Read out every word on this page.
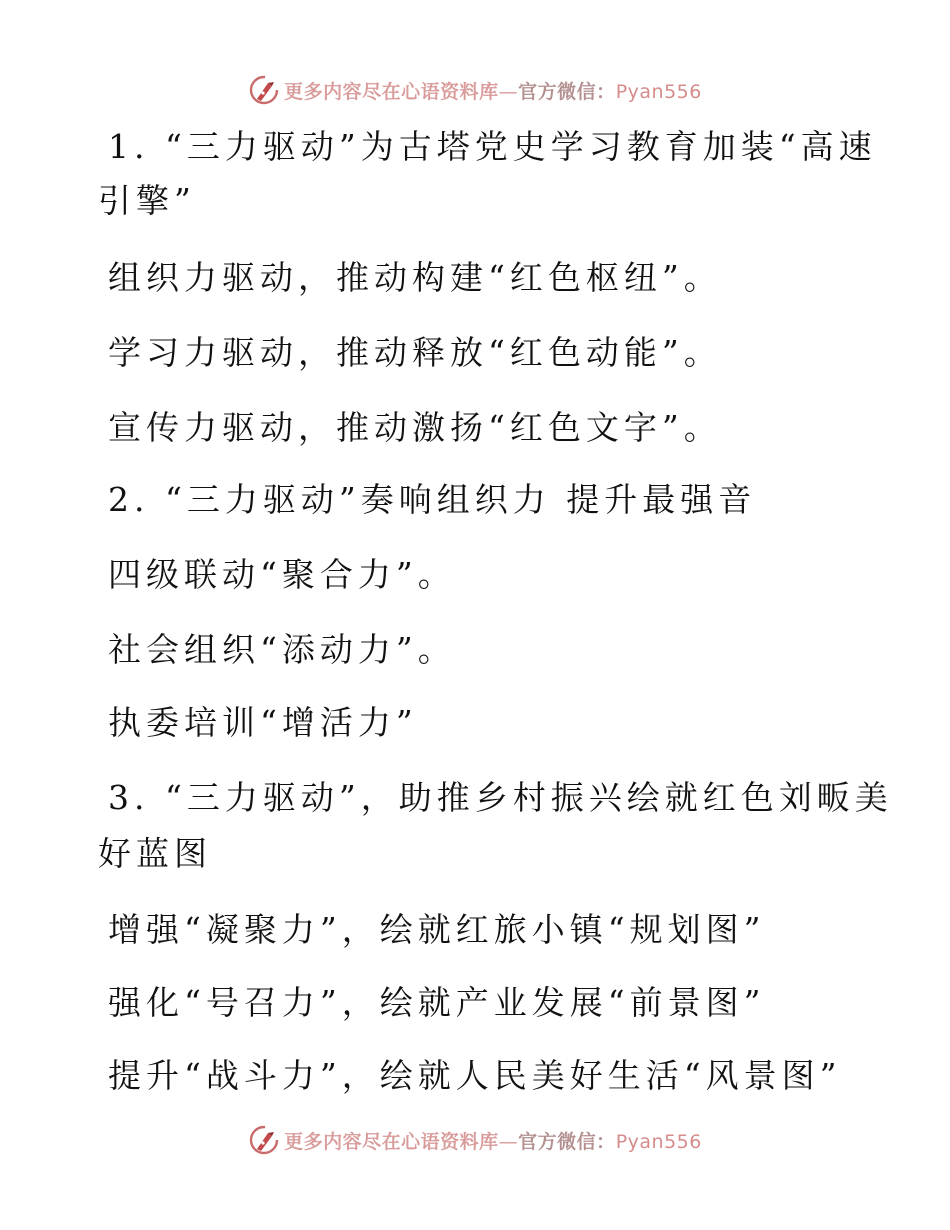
更多内容尽在心语资料库—官方微信：Pyan556
1. “三力驱动”为古塔党史学习教育加装“高速
引擎”
组织力驱动，推动构建“红色枢纽”。
学习力驱动，推动释放“红色动能”。
宣传力驱动，推动激扬“红色文字”。
2. “三力驱动”奏响组织力 提升最强音
四级联动“聚合力”。
社会组织“添动力”。
执委培训“增活力”
3. “三力驱动”，助推乡村振兴绘就红色刘畈美
好蓝图
增强“凝聚力”，绘就红旅小镇“规划图”
强化“号召力”，绘就产业发展“前景图”
提升“战斗力”，绘就人民美好生活“风景图”
更多内容尽在心语资料库—官方微信：Pyan556
